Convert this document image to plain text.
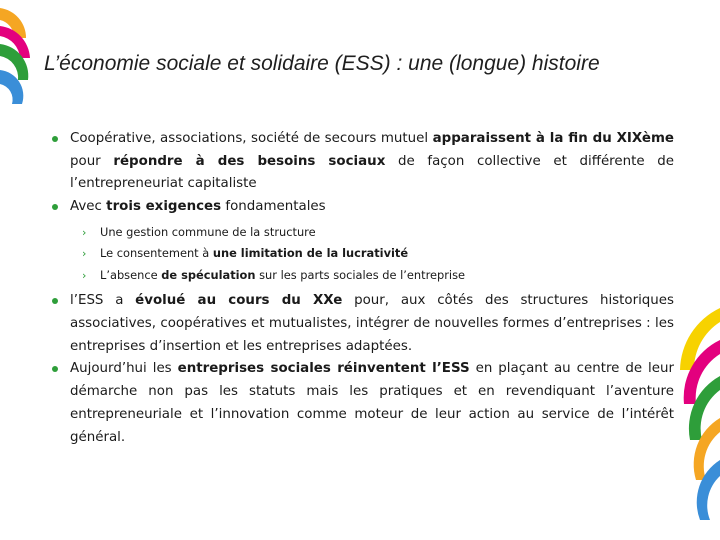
L’économie sociale et solidaire (ESS) : une (longue) histoire
Coopérative, associations, société de secours mutuel apparaissent à la fin du XIXème pour répondre à des besoins sociaux de façon collective et différente de l’entrepreneuriat capitaliste
Avec trois exigences fondamentales
› Une gestion commune de la structure
› Le consentement à une limitation de la lucrativité
› L’absence de spéculation sur les parts sociales de l’entreprise
l’ESS a évolué au cours du XXe pour, aux côtés des structures historiques associatives, coopératives et mutualistes, intégrer de nouvelles formes d’entreprises : les entreprises d’insertion et les entreprises adaptées.
Aujourd’hui les entreprises sociales réinventent l’ESS en plaçant au centre de leur démarche non pas les statuts mais les pratiques et en revendiquant l’aventure entrepreneuriale et l’innovation comme moteur de leur action au service de l’intérêt général.
